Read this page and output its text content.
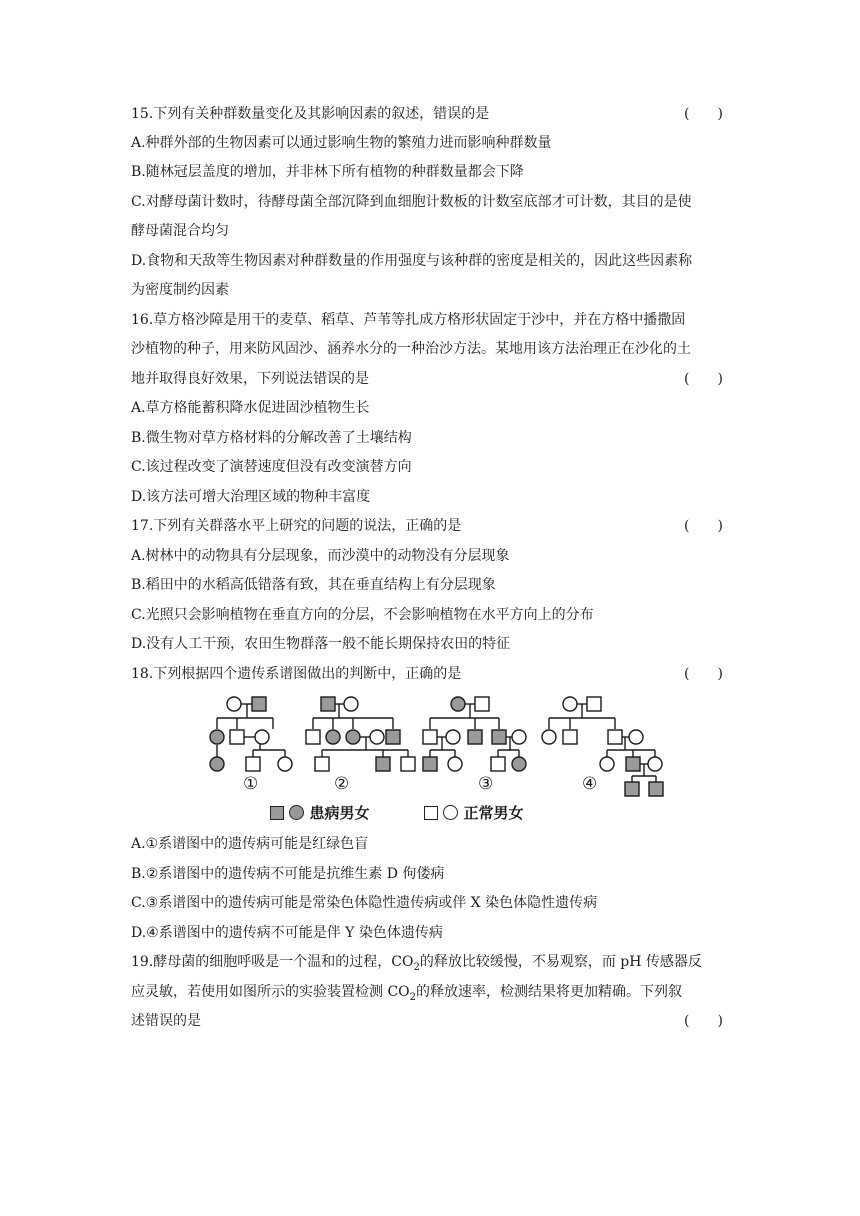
15.下列有关种群数量变化及其影响因素的叙述，错误的是	(　　)
A.种群外部的生物因素可以通过影响生物的繁殖力进而影响种群数量
B.随林冠层盖度的增加，并非林下所有植物的种群数量都会下降
C.对酵母菌计数时，待酵母菌全部沉降到血细胞计数板的计数室底部才可计数，其目的是使
酵母菌混合均匀
D.食物和天敌等生物因素对种群数量的作用强度与该种群的密度是相关的，因此这些因素称
为密度制约因素
16.草方格沙障是用干的麦草、稻草、芦苇等扎成方格形状固定于沙中，并在方格中播撒固
沙植物的种子，用来防风固沙、涵养水分的一种治沙方法。某地用该方法治理正在沙化的土
地并取得良好效果，下列说法错误的是	(　　)
A.草方格能蓄积降水促进固沙植物生长
B.微生物对草方格材料的分解改善了土壤结构
C.该过程改变了演替速度但没有改变演替方向
D.该方法可增大治理区域的物种丰富度
17.下列有关群落水平上研究的问题的说法，正确的是	(　　)
A.树林中的动物具有分层现象，而沙漠中的动物没有分层现象
B.稻田中的水稻高低错落有致，其在垂直结构上有分层现象
C.光照只会影响植物在垂直方向的分层，不会影响植物在水平方向上的分布
D.没有人工干预，农田生物群落一般不能长期保持农田的特征
18.下列根据四个遗传系谱图做出的判断中，正确的是	(　　)
①	②	③	④
患病男女	正常男女
A.①系谱图中的遗传病可能是红绿色盲
B.②系谱图中的遗传病不可能是抗维生素 D 佝偻病
C.③系谱图中的遗传病可能是常染色体隐性遗传病或伴 X 染色体隐性遗传病
D.④系谱图中的遗传病不可能是伴 Y 染色体遗传病
19.酵母菌的细胞呼吸是一个温和的过程，$CO_2$的释放比较缓慢，不易观察，而 pH 传感器反
应灵敏，若使用如图所示的实验装置检测 $CO_2$的释放速率，检测结果将更加精确。下列叙
述错误的是	(　　)
